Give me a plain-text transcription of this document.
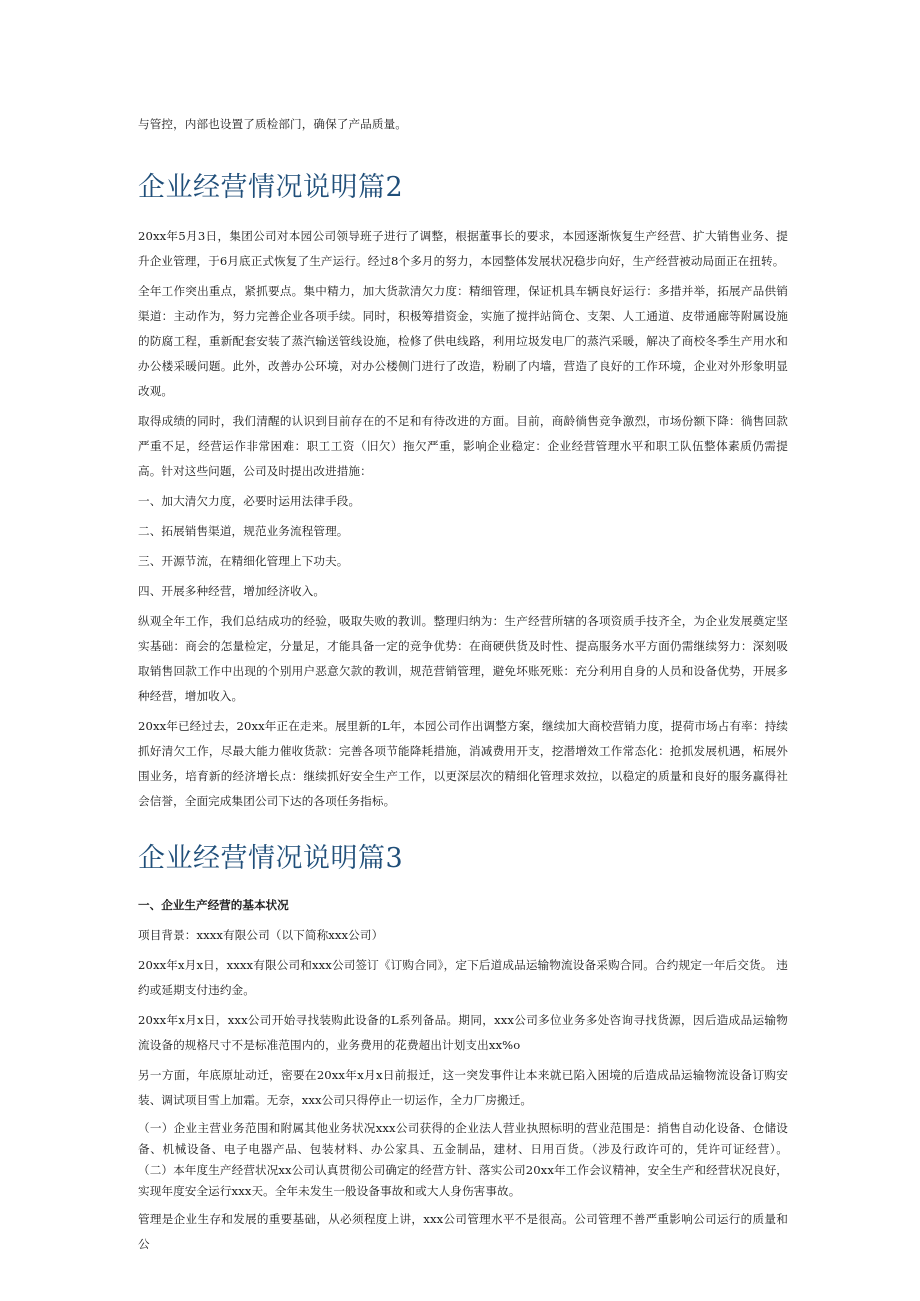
与管控，内部也设置了质检部门，确保了产品质量。

企业经营情况说明篇2

20xx年5月3日，集团公司对本园公司领导班子进行了调整，根据董事长的要求，本园逐渐恢复生产经营、扩大销售业务、提升企业管理，于6月底正式恢复了生产运行。经过8个多月的努力，本园整体发展状况稳步向好，生产经营被动局面正在扭转。

全年工作突出重点，紧抓要点。集中精力，加大货款清欠力度：精细管理，保证机具车辆良好运行：多措并举，拓展产品供销渠道：主动作为，努力完善企业各项手续。同时，积极筹措资金，实施了搅拌站筒仓、支架、人工通道、皮带通廊等附属设施的防腐工程，重新配套安装了蒸汽输送管线设施，检修了供电线路，利用垃圾发电厂的蒸汽采暖，解决了商校冬季生产用水和办公楼采暖问题。此外，改善办公环境，对办公楼侧门进行了改造，粉刷了内墙，营造了良好的工作环境，企业对外形象明显改观。

取得成绩的同时，我们清醒的认识到目前存在的不足和有待改进的方面。目前，商龄徜售竞争激烈，市场份额下降：徜售回款 严重不足，经营运作非常困难：职工工资（旧欠）拖欠严重，影响企业稳定：企业经营管理水平和职工队伍整体素质仍需提高。针对这些问题，公司及时提出改进措施：

一、加大清欠力度，必要时运用法律手段。

二、拓展销售渠道，规范业务流程管理。

三、开源节流，在精细化管理上下功夫。

四、开展多种经营，增加经济收入。

纵观全年工作，我们总结成功的经验，吸取失败的教训。整理归纳为：生产经营所辖的各项资质手技齐全，为企业发展奠定坚实基础：商会的怎量检定，分量足，才能具备一定的竞争优势：在商硬供货及时性、提高服务水平方面仍需继续努力：深刻吸取销售回款工作中出现的个别用户恶意欠款的教训，规范营销管理，避免坏账死账：充分利用自身的人员和设备优势，开展多 种经营，增加收入。

20xx年已经过去，20xx年正在走来。展里新的L年，本园公司作出调整方案，继续加大商校营销力度，提荷市场占有率：持续抓好清欠工作，尽最大能力催收货款：完善各项节能降耗措施，消减费用开支，挖潜增效工作常态化：抢抓发展机遇，柘展外 围业务，培育新的经济增长点：继续抓好安全生产工作，以更深层次的精细化管理求效拉，以稳定的质量和良好的服务赢得社 会信誉，全面完成集团公司下达的各项任务指标。

企业经营情况说明篇3
一、企业生产经营的基本状况

项目背景：xxxx有限公司（以下简称xxx公司）

20xx年x月x日，xxxx有限公司和xxx公司签订《订购合同》，定下后道成品运输物流设备采购合同。合约规定一年后交货。 违约或延期支付违约金。

20xx年x月x日，xxx公司开始寻找装购此设备的L系列备品。期同，xxx公司多位业务多处咨询寻找货源，因后造成品运输物 流设备的规格尺寸不是标准范围内的，业务费用的花费超出计划支出xx%o

另一方面，年底原址动迁，密要在20xx年x月x日前报迁，这一突发事件让本来就已陷入困境的后造成品运输物流设备订购安 装、调试项目雪上加霜。无奈，xxx公司只得停止一切运作，全力厂房搬迁。

（一）企业主营业务范围和附属其他业务状况xxx公司获得的企业法人营业执照标明的营业范围是：捎售自动化设备、仓储设备、机械设备、电子电器产品、包装材料、办公家具、五金制品，建材、日用百货。（涉及行政许可的，凭许可证经营）。 （二）本年度生产经营状况xx公司认真贯彻公司确定的经营方针、落实公司20xx年工作会议精神，安全生产和经营状况良好， 实现年度安全运行xxx天。全年未发生一般设备事故和或大人身伤害事故。

管理是企业生存和发展的重要基础，从必须程度上讲，xxx公司管理水平不是很高。公司管理不善严重影响公司运行的质量和公
